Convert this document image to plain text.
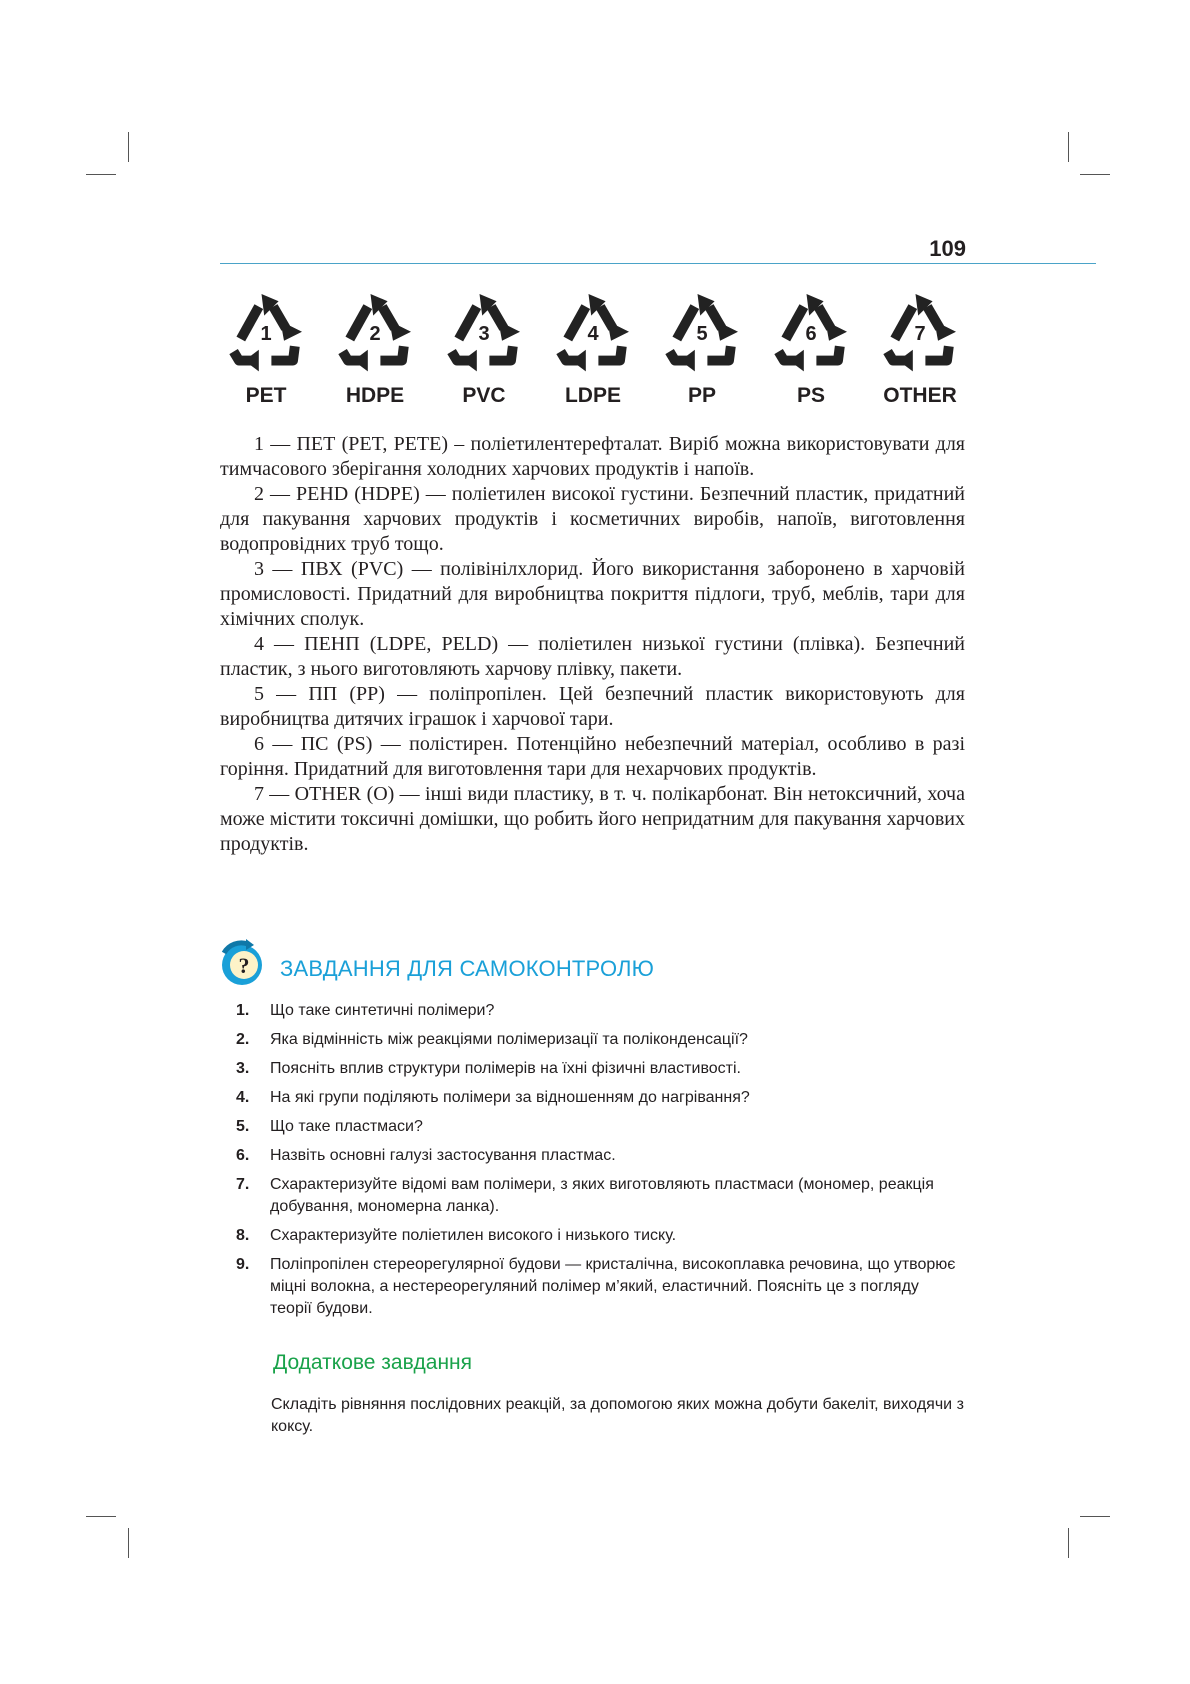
109
1
PET
2
HDPE
3
PVC
4
LDPE
5
PP
6
PS
7
OTHER

1 — ПЕТ (PET, PETE) – поліетилентерефталат. Виріб можна використовувати для тимчасового зберігання холодних харчових продуктів і напоїв.

2 — PEHD (HDPE) — поліетилен високої густини. Безпечний пластик, придатний для пакування харчових продуктів і косметичних виробів, напоїв, виготовлення водопровідних труб тощо.

3 — ПВХ (PVC) — полівінілхлорид. Його використання заборонено в харчовій промисловості. Придатний для виробництва покриття підлоги, труб, меблів, тари для хімічних сполук.

4 — ПЕНП (LDPE, PELD) — поліетилен низької густини (плівка). Безпечний пластик, з нього виготовляють харчову плівку, пакети.

5 — ПП (PP) — поліпропілен. Цей безпечний пластик використовують для виробництва дитячих іграшок і харчової тари.

6 — ПС (PS) — полістирен. Потенційно небезпечний матеріал, особливо в разі горіння. Придатний для виготовлення тари для нехарчових продуктів.

7 — OTHER (O) — інші види пластику, в т. ч. полікарбонат. Він нетоксичний, хоча може містити токсичні домішки, що робить його непридатним для пакування харчових продуктів.

? ЗАВДАННЯ ДЛЯ САМОКОНТРОЛЮ
1. Що таке синтетичні полімери?
2. Яка відмінність між реакціями полімеризації та поліконденсації?
3. Поясніть вплив структури полімерів на їхні фізичні властивості.
4. На які групи поділяють полімери за відношенням до нагрівання?
5. Що таке пластмаси?
6. Назвіть основні галузі застосування пластмас.
7. Схарактеризуйте відомі вам полімери, з яких виготовляють пластмаси (мономер, реакція добування, мономерна ланка).
8. Схарактеризуйте поліетилен високого і низького тиску.
9. Поліпропілен стереорегулярної будови — кристалічна, високоплавка речовина, що утворює міцні волокна, а нестереорегуляний полімер м’який, еластичний. Поясніть це з погляду теорії будови.
Додаткове завдання
Складіть рівняння послідовних реакцій, за допомогою яких можна добути бакеліт, виходячи з коксу.
